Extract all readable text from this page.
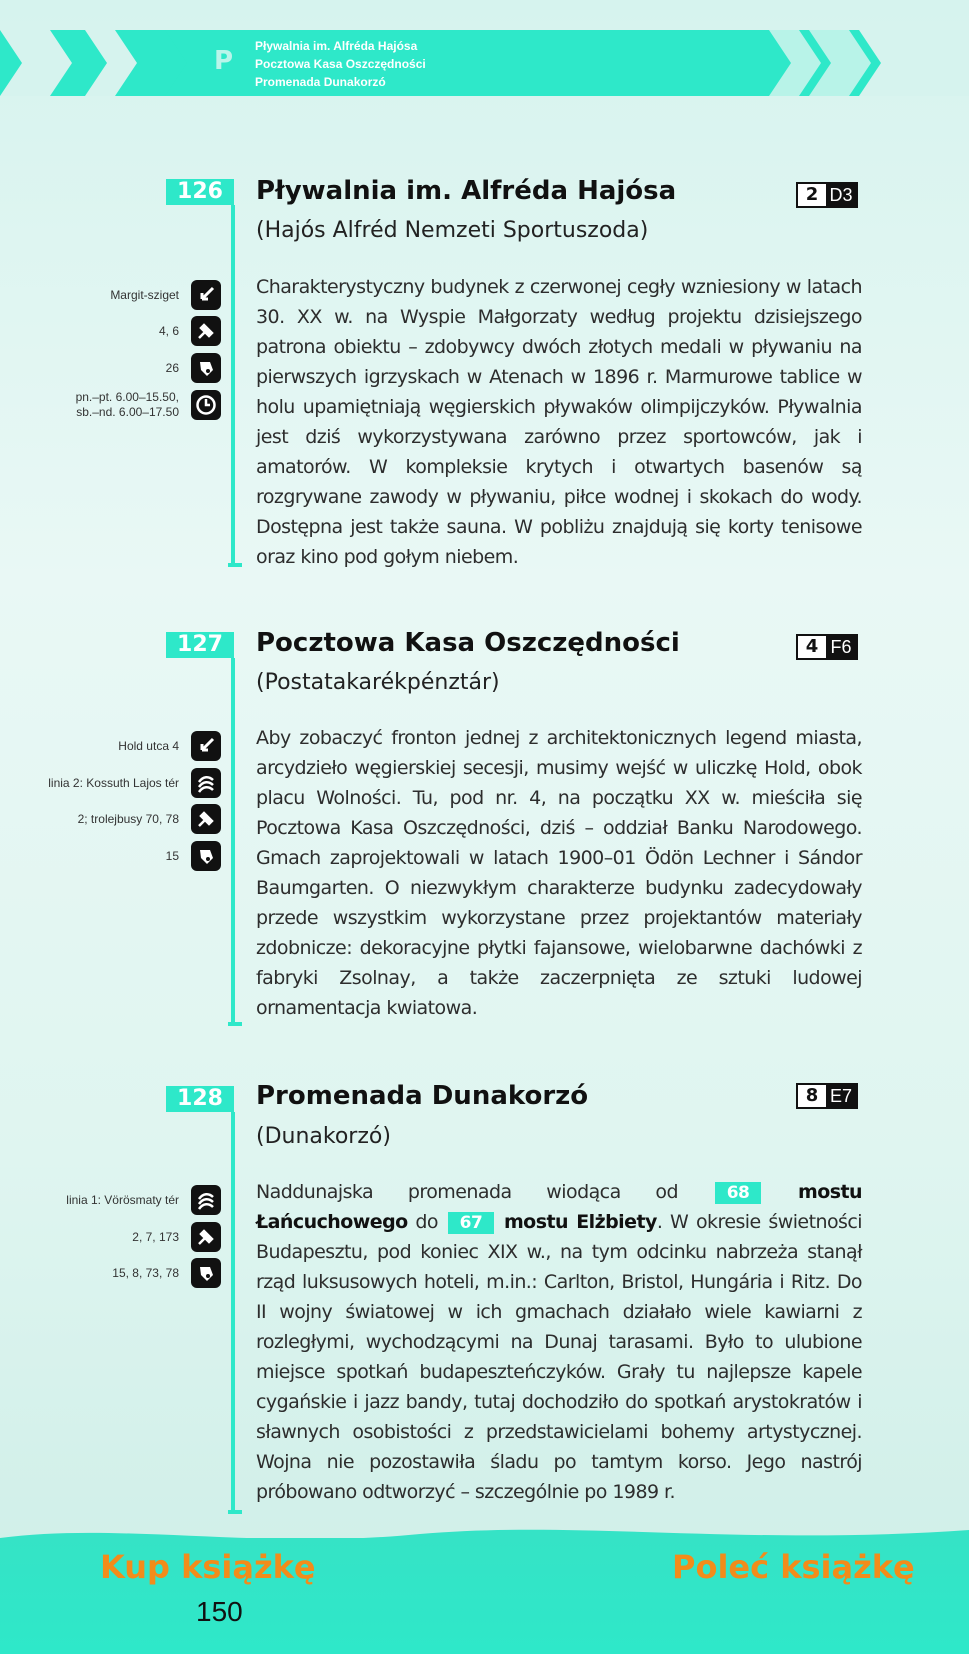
P Pływalnia im. Alfréda Hajósa
Pocztowa Kasa Oszczędności
Promenada Dunakorzó
126	Pływalnia im. Alfréda Hajósa
(Hajós Alfréd Nemzeti Sportuszoda)
2 D3
Margit-sziget
4, 6
26
pn.–pt. 6.00–15.50,
sb.–nd. 6.00–17.50

Charakterystyczny budynek z czerwonej cegły wzniesiony w latach 30. XX w. na Wyspie Małgorzaty według projektu dzisiejszego patrona obiektu – zdobywcy dwóch złotych medali w pływaniu na pierwszych igrzyskach w Atenach w 1896 r. Marmurowe tablice w holu upamiętniają węgierskich pływaków olimpijczyków. Pływalnia jest dziś wykorzystywana zarówno przez sportowców, jak i amatorów. W kompleksie krytych i otwartych basenów są rozgrywane zawody w pływaniu, piłce wodnej i skokach do wody. Dostępna jest także sauna. W pobliżu znajdują się korty tenisowe oraz kino pod gołym niebem.

127	Pocztowa Kasa Oszczędności
(Postatakarékpénztár)
4 F6
Hold utca 4
linia 2: Kossuth Lajos tér
2; trolejbusy 70, 78
15

Aby zobaczyć fronton jednej z architektonicznych legend miasta, arcydzieło węgierskiej secesji, musimy wejść w uliczkę Hold, obok placu Wolności. Tu, pod nr. 4, na początku XX w. mieściła się Pocztowa Kasa Oszczędności, dziś – oddział Banku Narodowego. Gmach zaprojektowali w latach 1900–01 Ödön Lechner i Sándor Baumgarten. O niezwykłym charakterze budynku zadecydowały przede wszystkim wykorzystane przez projektantów materiały zdobnicze: dekoracyjne płytki fajansowe, wielobarwne dachówki z fabryki Zsolnay, a także zaczerpnięta ze sztuki ludowej ornamentacja kwiatowa.

128	Promenada Dunakorzó
(Dunakorzó)
8 E7
linia 1: Vörösmaty tér
2, 7, 173
15, 8, 73, 78

Naddunajska promenada wiodąca od	68	mostu Łańcuchowego do 67 mostu Elżbiety. W okresie świetności Budapesztu, pod koniec XIX w., na tym odcinku nabrzeża stanął rząd luksusowych hoteli, m.in.: Carlton, Bristol, Hungária i Ritz. Do II wojny światowej w ich gmachach działało wiele kawiarni z rozległymi, wychodzącymi na Dunaj tarasami. Było to ulubione miejsce spotkań budapeszteńczyków. Grały tu najlepsze kapele cygańskie i jazz bandy, tutaj dochodziło do spotkań arystokratów i sławnych osobistości z przedstawicielami bohemy artystycznej. Wojna nie pozostawiła śladu po tamtym korso. Jego nastrój próbowano odtworzyć – szczególnie po 1989 r.

Kup książkę	Poleć książkę
150
